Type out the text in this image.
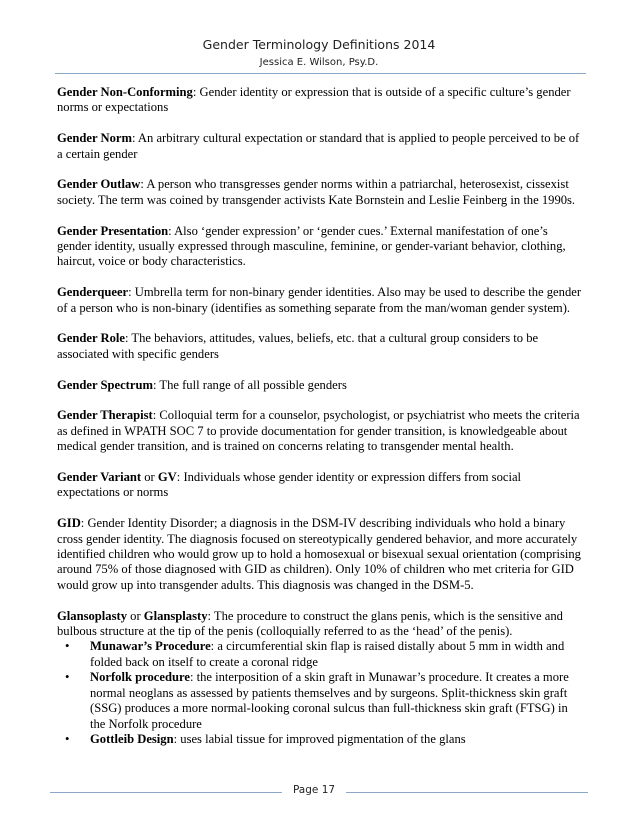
Gender Terminology Definitions 2014
Jessica E. Wilson, Psy.D.

Gender Non-Conforming: Gender identity or expression that is outside of a specific culture’s gender norms or expectations

Gender Norm: An arbitrary cultural expectation or standard that is applied to people perceived to be of a certain gender

Gender Outlaw: A person who transgresses gender norms within a patriarchal, heterosexist, cissexist society. The term was coined by transgender activists Kate Bornstein and Leslie Feinberg in the 1990s.

Gender Presentation: Also ‘gender expression’ or ‘gender cues.’ External manifestation of one’s gender identity, usually expressed through masculine, feminine, or gender-variant behavior, clothing, haircut, voice or body characteristics.

Genderqueer: Umbrella term for non-binary gender identities. Also may be used to describe the gender of a person who is non-binary (identifies as something separate from the man/woman gender system).

Gender Role: The behaviors, attitudes, values, beliefs, etc. that a cultural group considers to be associated with specific genders

Gender Spectrum: The full range of all possible genders

Gender Therapist: Colloquial term for a counselor, psychologist, or psychiatrist who meets the criteria as defined in WPATH SOC 7 to provide documentation for gender transition, is knowledgeable about medical gender transition, and is trained on concerns relating to transgender mental health.

Gender Variant or GV: Individuals whose gender identity or expression differs from social expectations or norms

GID: Gender Identity Disorder; a diagnosis in the DSM-IV describing individuals who hold a binary cross gender identity. The diagnosis focused on stereotypically gendered behavior, and more accurately identified children who would grow up to hold a homosexual or bisexual sexual orientation (comprising around 75% of those diagnosed with GID as children). Only 10% of children who met criteria for GID would grow up into transgender adults. This diagnosis was changed in the DSM-5.

Glansoplasty or Glansplasty: The procedure to construct the glans penis, which is the sensitive and bulbous structure at the tip of the penis (colloquially referred to as the ‘head’ of the penis).
• Munawar’s Procedure: a circumferential skin flap is raised distally about 5 mm in width and folded back on itself to create a coronal ridge
• Norfolk procedure: the interposition of a skin graft in Munawar’s procedure. It creates a more normal neoglans as assessed by patients themselves and by surgeons. Split-thickness skin graft (SSG) produces a more normal-looking coronal sulcus than full-thickness skin graft (FTSG) in the Norfolk procedure
• Gottleib Design: uses labial tissue for improved pigmentation of the glans
Page 17
